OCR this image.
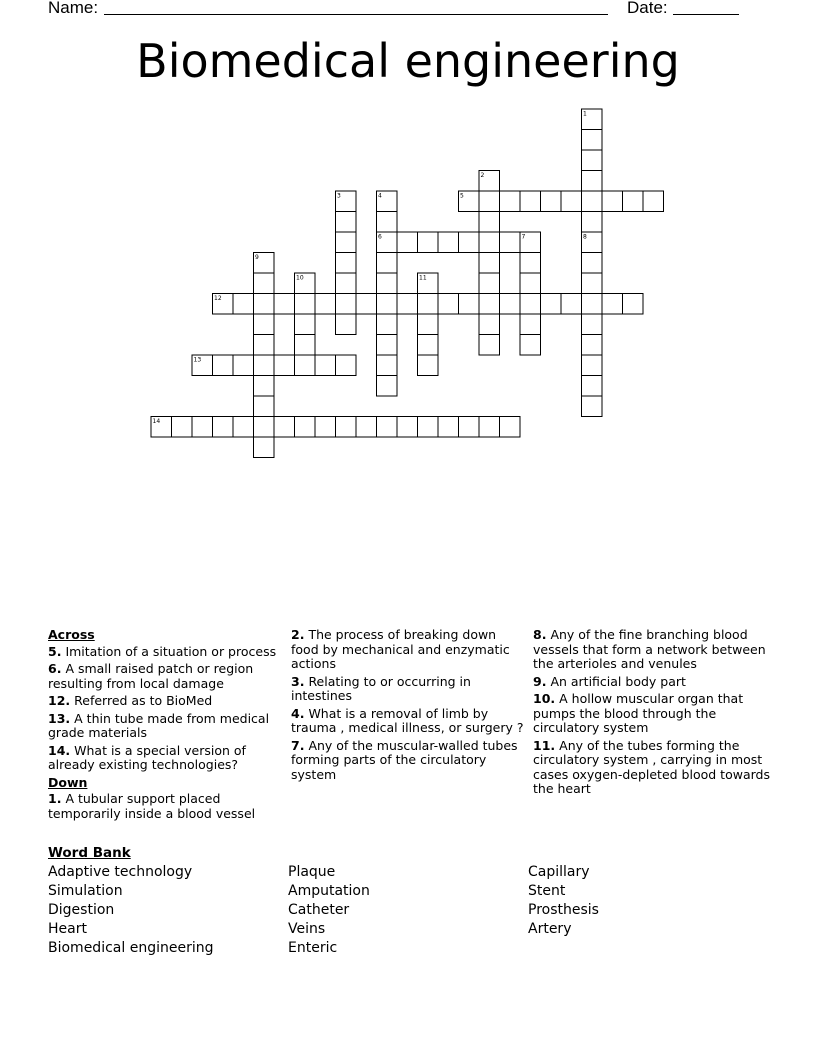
Name:	Date:
Biomedical engineering
1
2
3	4	5
6	7	8
9
10	11
12
13
14
Across
5. Imitation of a situation or process
6. A small raised patch or region resulting from local damage
12. Referred as to BioMed
13. A thin tube made from medical grade materials
14. What is a special version of already existing technologies?
Down
1. A tubular support placed temporarily inside a blood vessel
2. The process of breaking down food by mechanical and enzymatic actions
3. Relating to or occurring in intestines
4. What is a removal of limb by trauma , medical illness, or surgery ?
7. Any of the muscular-walled tubes forming parts of the circulatory system
8. Any of the fine branching blood vessels that form a network between the arterioles and venules
9. An artificial body part
10. A hollow muscular organ that pumps the blood through the circulatory system
11. Any of the tubes forming the circulatory system , carrying in most cases oxygen-depleted blood towards the heart
Word Bank
Adaptive technology
Simulation
Digestion
Heart
Biomedical engineering
Plaque
Amputation
Catheter
Veins
Enteric
Capillary
Stent
Prosthesis
Artery
